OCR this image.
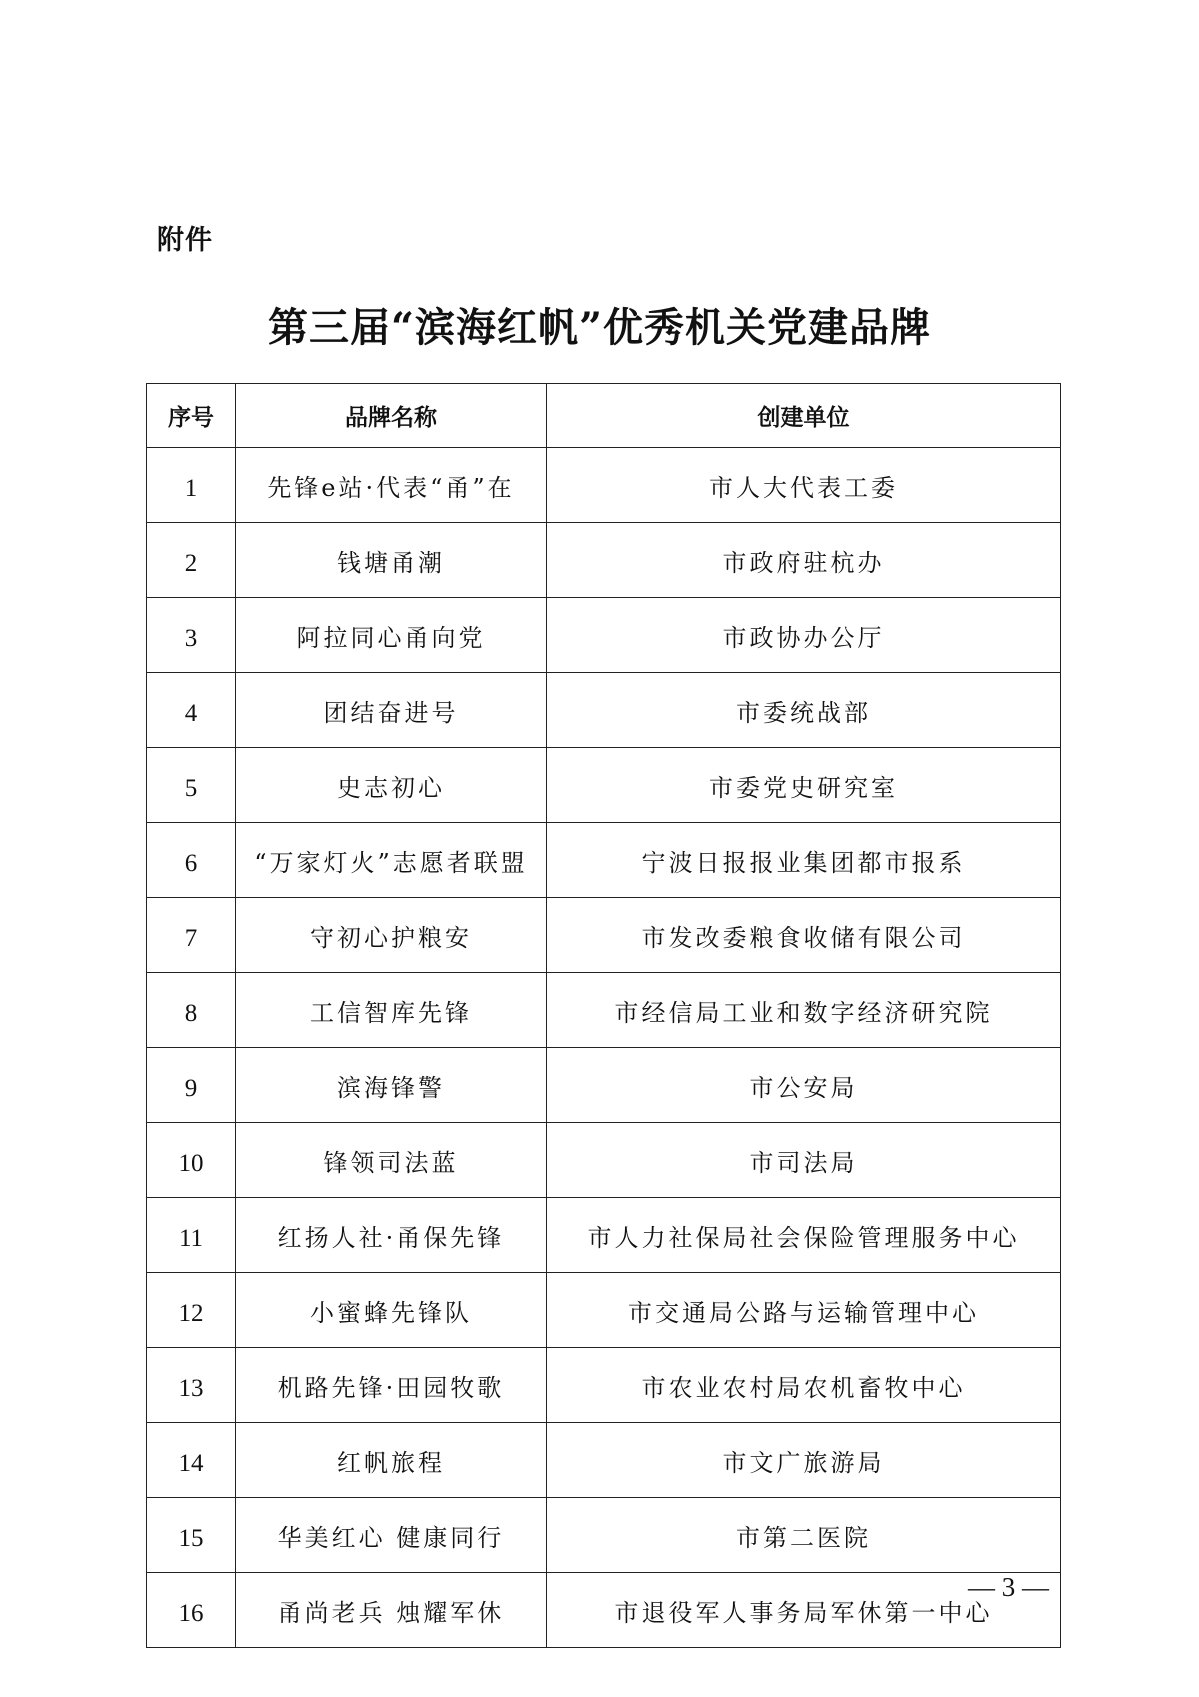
附件
第三届“滨海红帆”优秀机关党建品牌
序号	品牌名称	创建单位
1	先锋e站·代表“甬”在	市人大代表工委
2	钱塘甬潮	市政府驻杭办
3	阿拉同心甬向党	市政协办公厅
4	团结奋进号	市委统战部
5	史志初心	市委党史研究室
6	“万家灯火”志愿者联盟	宁波日报报业集团都市报系
7	守初心护粮安	市发改委粮食收储有限公司
8	工信智库先锋	市经信局工业和数字经济研究院
9	滨海锋警	市公安局
10	锋领司法蓝	市司法局
11	红扬人社·甬保先锋	市人力社保局社会保险管理服务中心
12	小蜜蜂先锋队	市交通局公路与运输管理中心
13	机路先锋·田园牧歌	市农业农村局农机畜牧中心
14	红帆旅程	市文广旅游局
15	华美红心 健康同行	市第二医院
16	甬尚老兵 烛耀军休	市退役军人事务局军休第一中心
— 3 —
